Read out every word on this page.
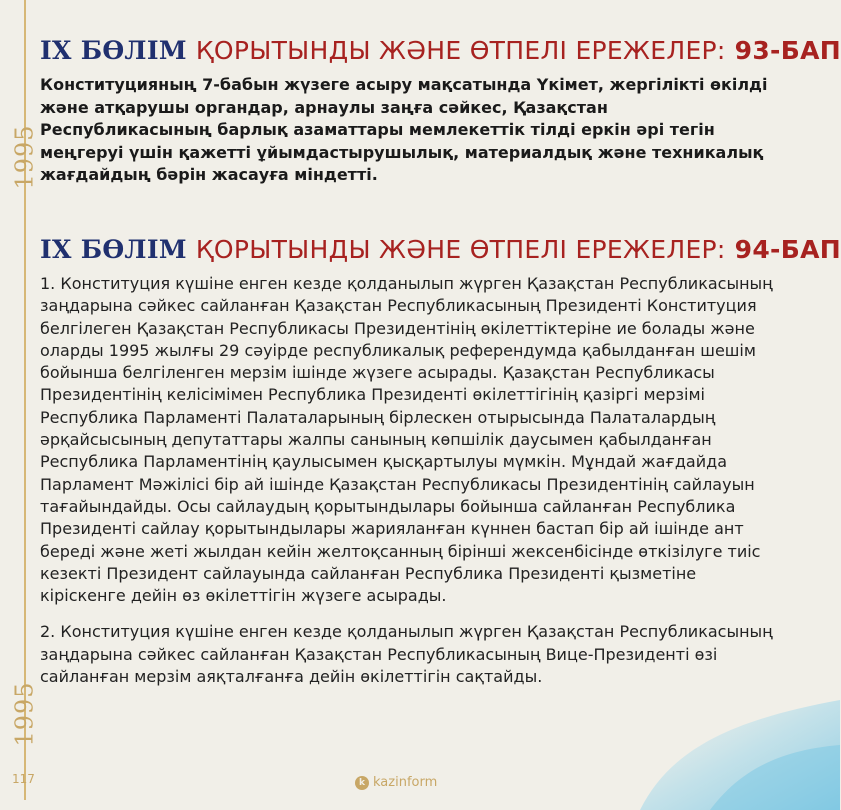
1995
1995
IX БӨЛІМ ҚОРЫТЫНДЫ ЖӘНЕ ӨТПЕЛІ ЕРЕЖЕЛЕР: 93-БАП
Конституцияның 7-бабын жүзеге асыру мақсатында Үкімет, жергілікті өкілді және атқарушы органдар, арнаулы заңға сәйкес, Қазақстан Республикасының барлық азаматтары мемлекеттік тілді еркін әрі тегін меңгеруі үшін қажетті ұйымдастырушылық, материалдық және техникалық жағдайдың бәрін жасауға міндетті.
IX БӨЛІМ ҚОРЫТЫНДЫ ЖӘНЕ ӨТПЕЛІ ЕРЕЖЕЛЕР: 94-БАП
1. Конституция күшіне енген кезде қолданылып жүрген Қазақстан Республикасының заңдарына сәйкес сайланған Қазақстан Республикасының Президенті Конституция белгілеген Қазақстан Республикасы Президентінің өкілеттіктеріне ие болады және оларды 1995 жылғы 29 сәуірде республикалық референдумда қабылданған шешім бойынша белгіленген мерзім ішінде жүзеге асырады. Қазақстан Республикасы Президентінің келісімімен Республика Президенті өкілеттігінің қазіргі мерзімі Республика Парламенті Палаталарының бірлескен отырысында Палаталардың әрқайсысының депутаттары жалпы санының көпшілік даусымен қабылданған Республика Парламентінің қаулысымен қысқартылуы мүмкін. Мұндай жағдайда Парламент Мәжілісі бір ай ішінде Қазақстан Республикасы Президентінің сайлауын тағайындайды. Осы сайлаудың қорытындылары бойынша сайланған Республика Президенті сайлау қорытындылары жарияланған күннен бастап бір ай ішінде ант береді және жеті жылдан кейін желтоқсанның бірінші жексенбісінде өткізілуге тиіс кезекті Президент сайлауында сайланған Республика Президенті қызметіне кіріскенге дейін өз өкілеттігін жүзеге асырады.
2. Конституция күшіне енген кезде қолданылып жүрген Қазақстан Республикасының заңдарына сәйкес сайланған Қазақстан Республикасының Вице-Президенті өзі сайланған мерзім аяқталғанға дейін өкілеттігін сақтайды.
117	k kazinform
